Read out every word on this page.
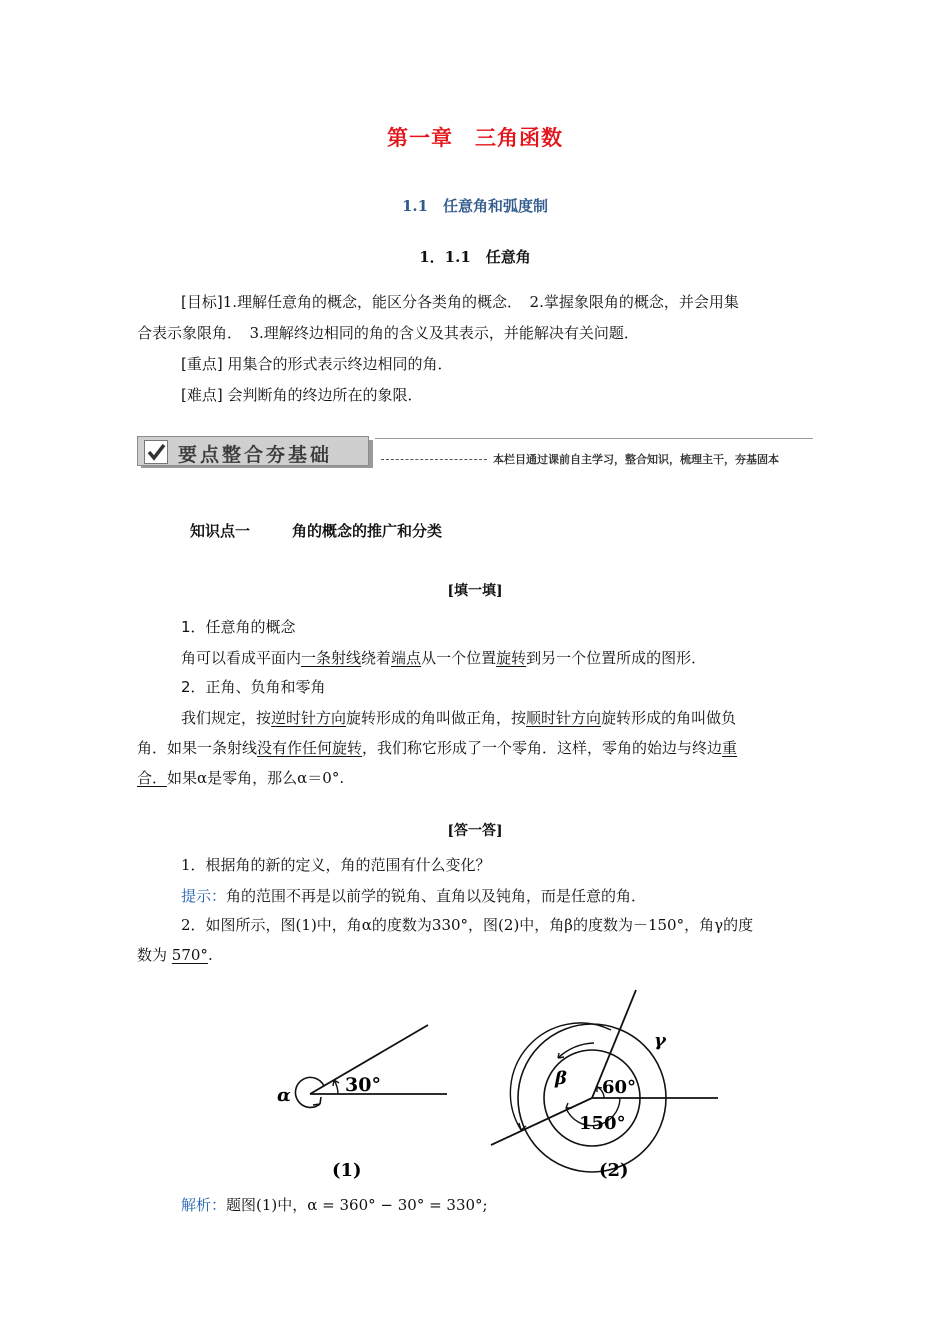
第一章　三角函数
1.1　任意角和弧度制
1．1.1　任意角
[目标]1.理解任意角的概念，能区分各类角的概念．　2.掌握象限角的概念，并会用集
合表示象限角．　3.理解终边相同的角的含义及其表示，并能解决有关问题．
[重点] 用集合的形式表示终边相同的角．
[难点] 会判断角的终边所在的象限．
要点整合夯基础	本栏目通过课前自主学习，整合知识，梳理主干，夯基固本
知识点一	角的概念的推广和分类
[填一填]
1．任意角的概念
角可以看成平面内一条射线绕着端点从一个位置旋转到另一个位置所成的图形．
2．正角、负角和零角
我们规定，按逆时针方向旋转形成的角叫做正角，按顺时针方向旋转形成的角叫做负
角．如果一条射线没有作任何旋转，我们称它形成了一个零角．这样，零角的始边与终边重
合．如果α是零角，那么α＝0°.
[答一答]
1．根据角的新的定义，角的范围有什么变化？
提示：角的范围不再是以前学的锐角、直角以及钝角，而是任意的角．
2．如图所示，图(1)中，角α的度数为330°，图(2)中，角β的度数为－150°，角γ的度
数为 570°.
α	30°
(1)
β
γ
60°
150°
(2)
解析：题图(1)中，α = 360° − 30° = 330°;
